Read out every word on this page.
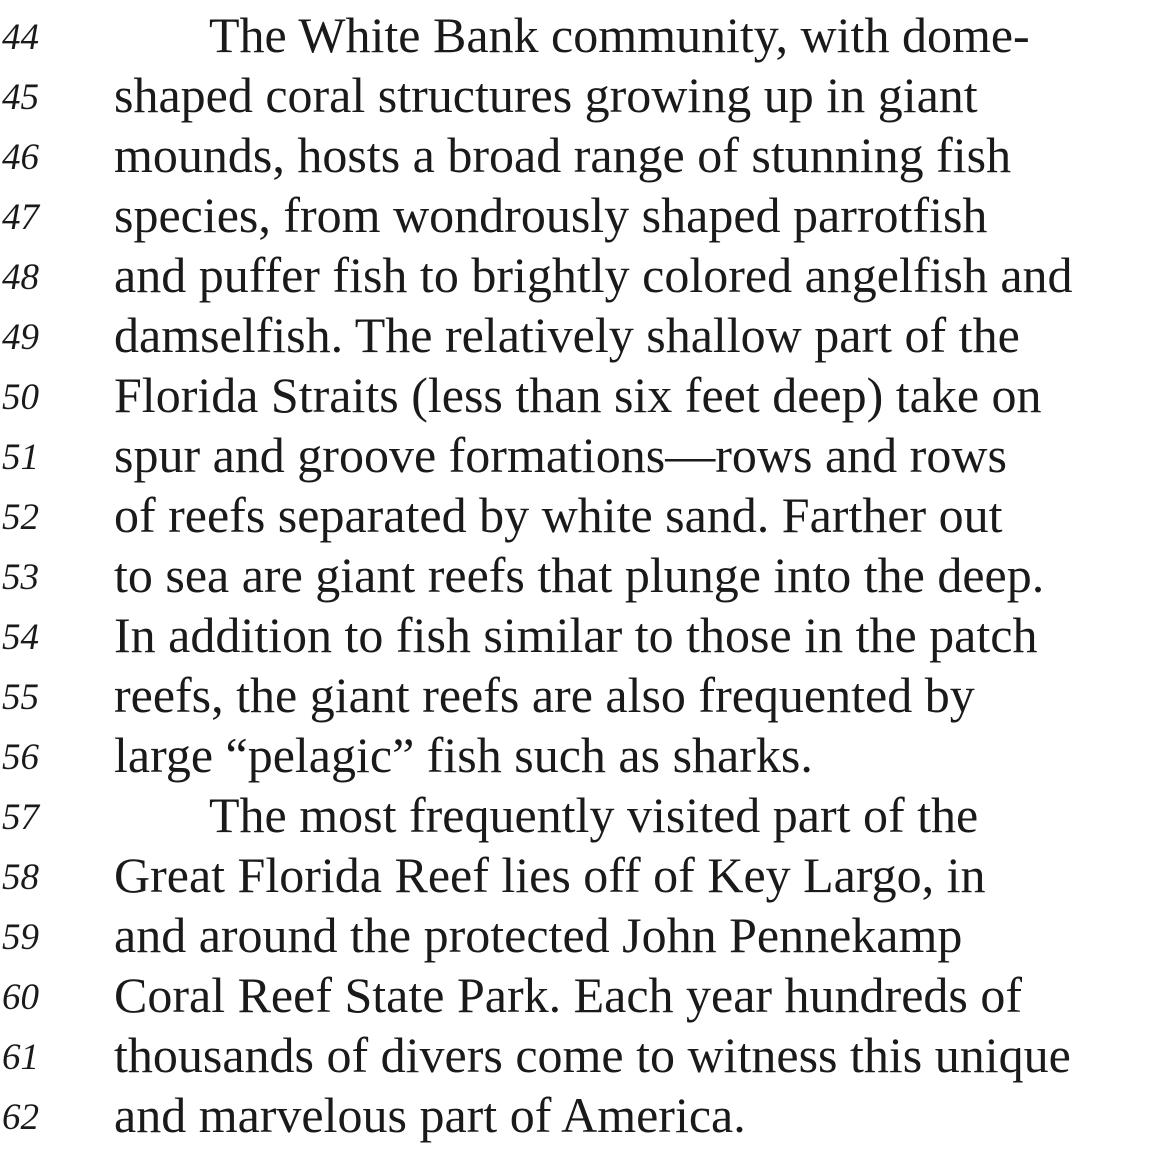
44	The White Bank community, with dome-
45 shaped coral structures growing up in giant
46 mounds, hosts a broad range of stunning fish
47 species, from wondrously shaped parrotfish
48 and puffer fish to brightly colored angelfish and
49 damselfish. The relatively shallow part of the
50 Florida Straits (less than six feet deep) take on
51 spur and groove formations—rows and rows
52 of reefs separated by white sand. Farther out
53 to sea are giant reefs that plunge into the deep.
54 In addition to fish similar to those in the patch
55 reefs, the giant reefs are also frequented by
56 large “pelagic” fish such as sharks.
57	The most frequently visited part of the
58 Great Florida Reef lies off of Key Largo, in
59 and around the protected John Pennekamp
60 Coral Reef State Park. Each year hundreds of
61 thousands of divers come to witness this unique
62 and marvelous part of America.
